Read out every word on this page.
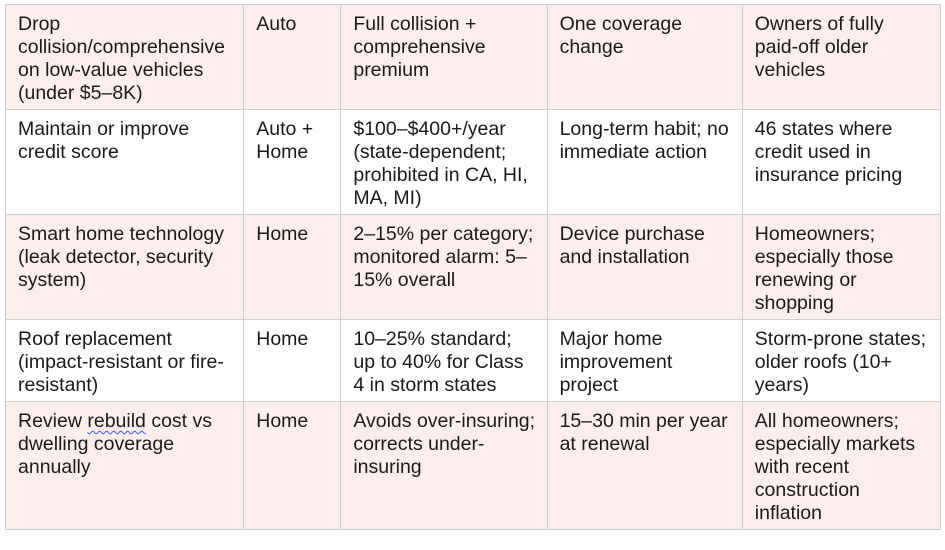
Drop collision/comprehensive on low-value vehicles (under $5–8K)	Auto	Full collision + comprehensive premium	One coverage change	Owners of fully paid-off older vehicles
Maintain or improve credit score	Auto + Home	$100–$400+/year (state-dependent; prohibited in CA, HI, MA, MI)	Long-term habit; no immediate action	46 states where credit used in insurance pricing
Smart home technology (leak detector, security system)	Home	2–15% per category; monitored alarm: 5–15% overall	Device purchase and installation	Homeowners; especially those renewing or shopping
Roof replacement (impact-resistant or fire-resistant)	Home	10–25% standard; up to 40% for Class 4 in storm states	Major home improvement project	Storm-prone states; older roofs (10+ years)
Review rebuild cost vs dwelling coverage annually	Home	Avoids over-insuring; corrects under-insuring	15–30 min per year at renewal	All homeowners; especially markets with recent construction inflation
